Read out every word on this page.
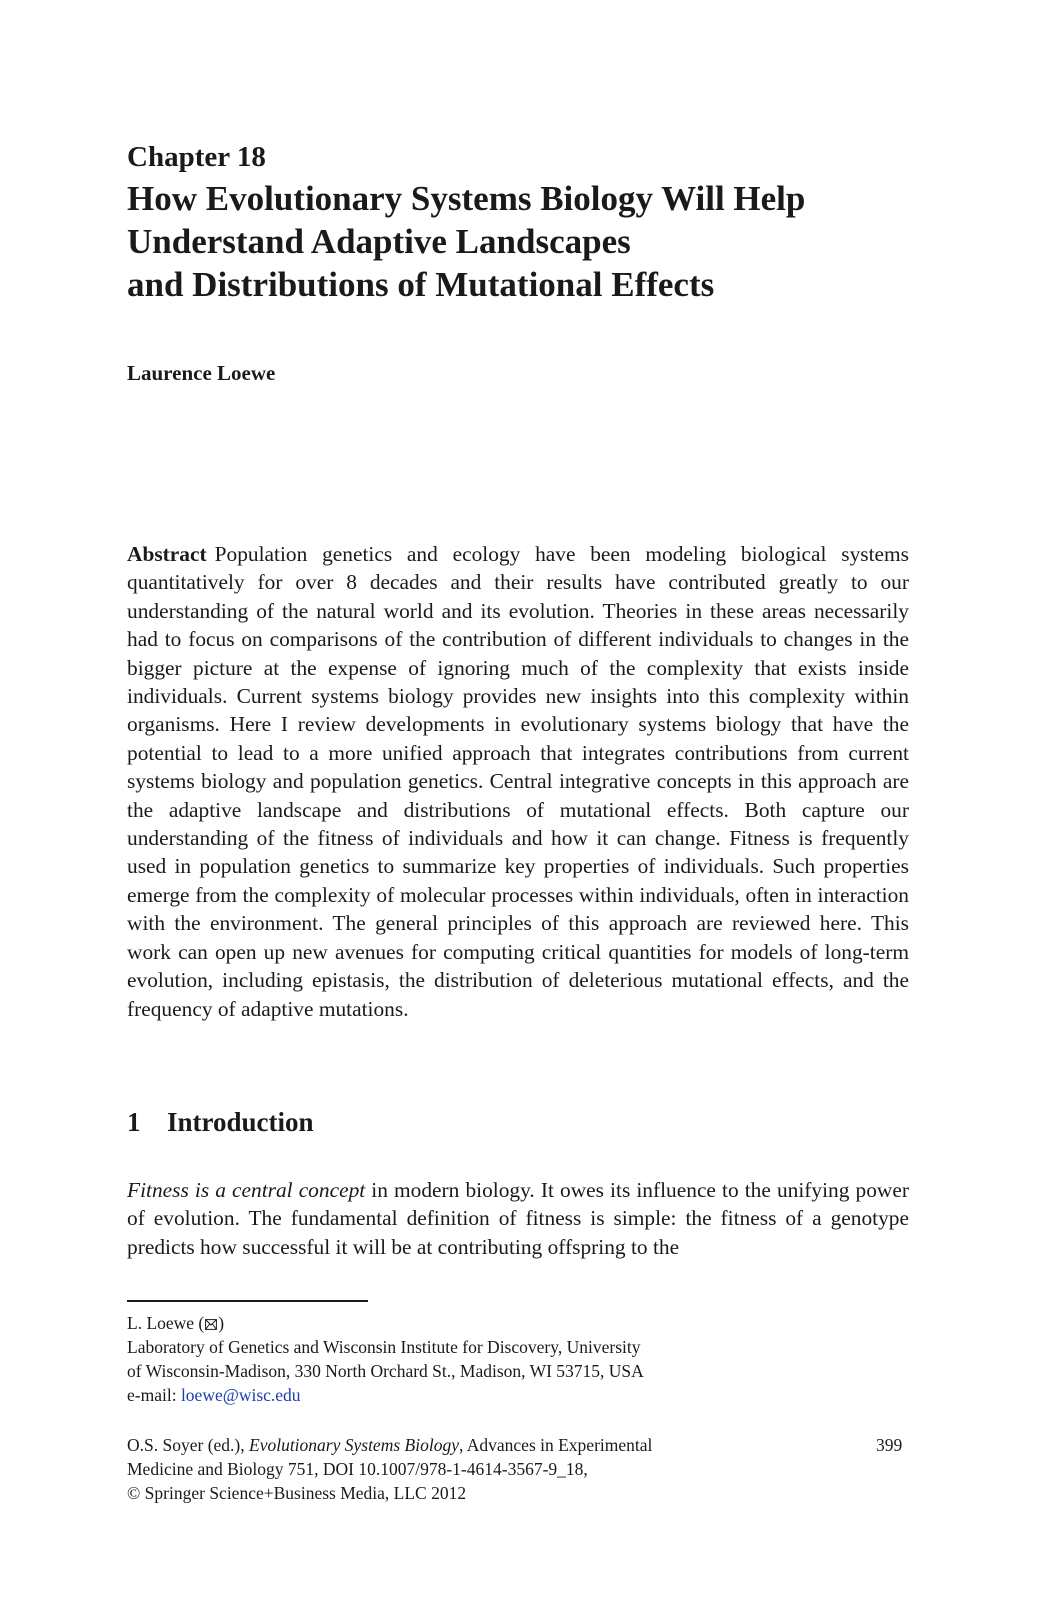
Chapter 18
How Evolutionary Systems Biology Will Help
Understand Adaptive Landscapes
and Distributions of Mutational Effects
Laurence Loewe

Abstract Population genetics and ecology have been modeling biological systems quantitatively for over 8 decades and their results have contributed greatly to our understanding of the natural world and its evolution. Theories in these areas necessarily had to focus on comparisons of the contribution of different individuals to changes in the bigger picture at the expense of ignoring much of the complexity that exists inside individuals. Current systems biology provides new insights into this complexity within organisms. Here I review developments in evolutionary systems biology that have the potential to lead to a more unified approach that integrates contributions from current systems biology and population genetics. Central integrative concepts in this approach are the adaptive landscape and distributions of mutational effects. Both capture our understanding of the fitness of individuals and how it can change. Fitness is frequently used in population genetics to summarize key properties of individuals. Such properties emerge from the complexity of molecular processes within individuals, often in interaction with the environment. The general principles of this approach are reviewed here. This work can open up new avenues for computing critical quantities for models of long-term evolution, including epistasis, the distribution of deleterious mutational effects, and the frequency of adaptive mutations.

1 Introduction

Fitness is a central concept in modern biology. It owes its influence to the unifying power of evolution. The fundamental definition of fitness is simple: the fitness of a genotype predicts how successful it will be at contributing offspring to the

L. Loewe ( )
Laboratory of Genetics and Wisconsin Institute for Discovery, University
of Wisconsin-Madison, 330 North Orchard St., Madison, WI 53715, USA
e-mail: loewe@wisc.edu
O.S. Soyer (ed.), Evolutionary Systems Biology, Advances in Experimental
Medicine and Biology 751, DOI 10.1007/978-1-4614-3567-9_18,
© Springer Science+Business Media, LLC 2012
399
